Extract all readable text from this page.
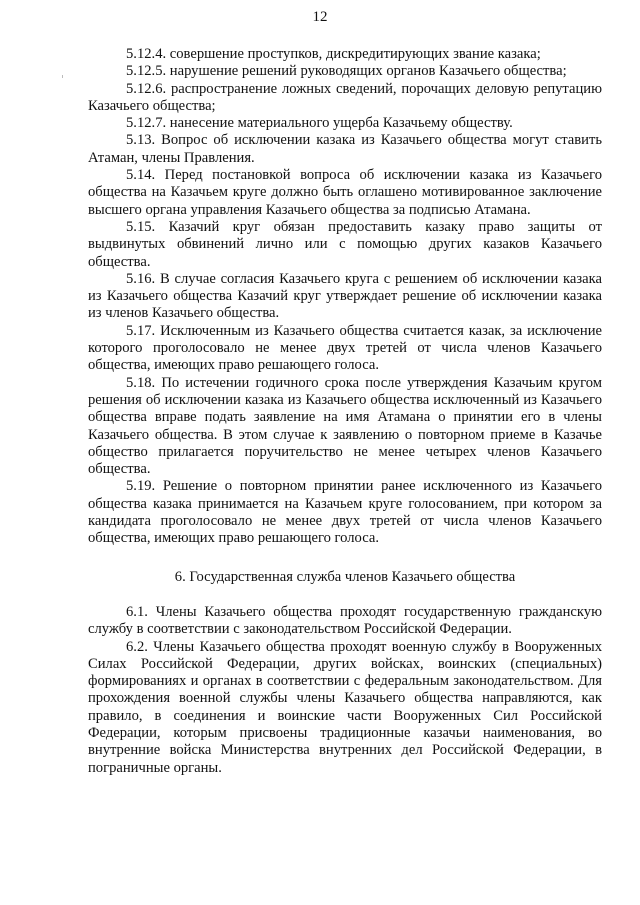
12

5.12.4. совершение проступков, дискредитирующих звание казака;

5.12.5. нарушение решений руководящих органов Казачьего общества;

5.12.6. распространение ложных сведений, порочащих деловую репутацию Казачьего общества;

5.12.7. нанесение материального ущерба Казачьему обществу.

5.13. Вопрос об исключении казака из Казачьего общества могут ставить Атаман, члены Правления.

5.14. Перед постановкой вопроса об исключении казака из Казачьего общества на Казачьем круге должно быть оглашено мотивированное заключение высшего органа управления Казачьего общества за подписью Атамана.

5.15. Казачий круг обязан предоставить казаку право защиты от выдвинутых обвинений лично или с помощью других казаков Казачьего общества.

5.16. В случае согласия Казачьего круга с решением об исключении казака из Казачьего общества Казачий круг утверждает решение об исключении казака из членов Казачьего общества.

5.17. Исключенным из Казачьего общества считается казак, за исключение которого проголосовало не менее двух третей от числа членов Казачьего общества, имеющих право решающего голоса.

5.18. По истечении годичного срока после утверждения Казачьим кругом решения об исключении казака из Казачьего общества исключенный из Казачьего общества вправе подать заявление на имя Атамана о принятии его в члены Казачьего общества. В этом случае к заявлению о повторном приеме в Казачье общество прилагается поручительство не менее четырех членов Казачьего общества.

5.19. Решение о повторном принятии ранее исключенного из Казачьего общества казака принимается на Казачьем круге голосованием, при котором за кандидата проголосовало не менее двух третей от числа членов Казачьего общества, имеющих право решающего голоса.

6. Государственная служба членов Казачьего общества

6.1. Члены Казачьего общества проходят государственную гражданскую службу в соответствии с законодательством Российской Федерации.

6.2. Члены Казачьего общества проходят военную службу в Вооруженных Силах Российской Федерации, других войсках, воинских (специальных) формированиях и органах в соответствии с федеральным законодательством. Для прохождения военной службы члены Казачьего общества направляются, как правило, в соединения и воинские части Вооруженных Сил Российской Федерации, которым присвоены традиционные казачьи наименования, во внутренние войска Министерства внутренних дел Российской Федерации, в пограничные органы.
